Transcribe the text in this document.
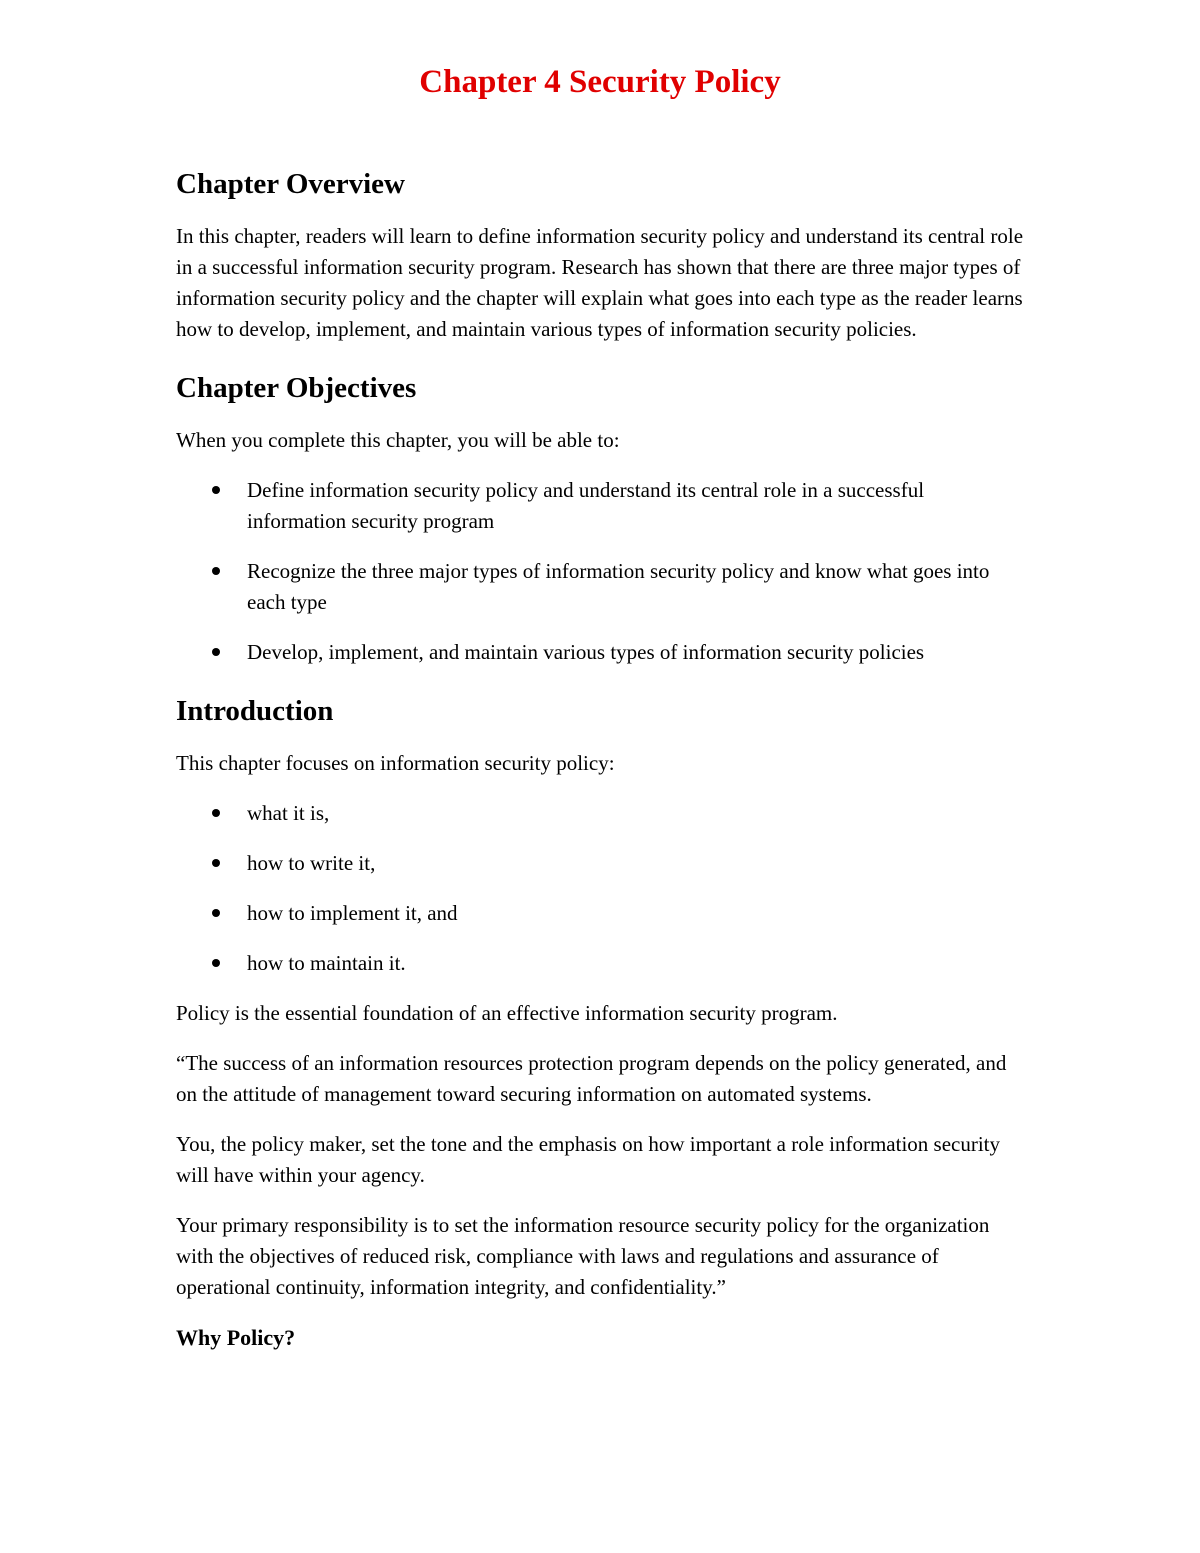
Chapter 4 Security Policy
Chapter Overview

In this chapter, readers will learn to define information security policy and understand its central role in a successful information security program. Research has shown that there are three major types of information security policy and the chapter will explain what goes into each type as the reader learns how to develop, implement, and maintain various types of information security policies.

Chapter Objectives

When you complete this chapter, you will be able to:

Define information security policy and understand its central role in a successful information security program
Recognize the three major types of information security policy and know what goes into each type
Develop, implement, and maintain various types of information security policies
Introduction

This chapter focuses on information security policy:

what it is,
how to write it,
how to implement it, and
how to maintain it.

Policy is the essential foundation of an effective information security program.

“The success of an information resources protection program depends on the policy generated, and on the attitude of management toward securing information on automated systems.

You, the policy maker, set the tone and the emphasis on how important a role information security will have within your agency.

Your primary responsibility is to set the information resource security policy for the organization with the objectives of reduced risk, compliance with laws and regulations and assurance of operational continuity, information integrity, and confidentiality.”

Why Policy?
